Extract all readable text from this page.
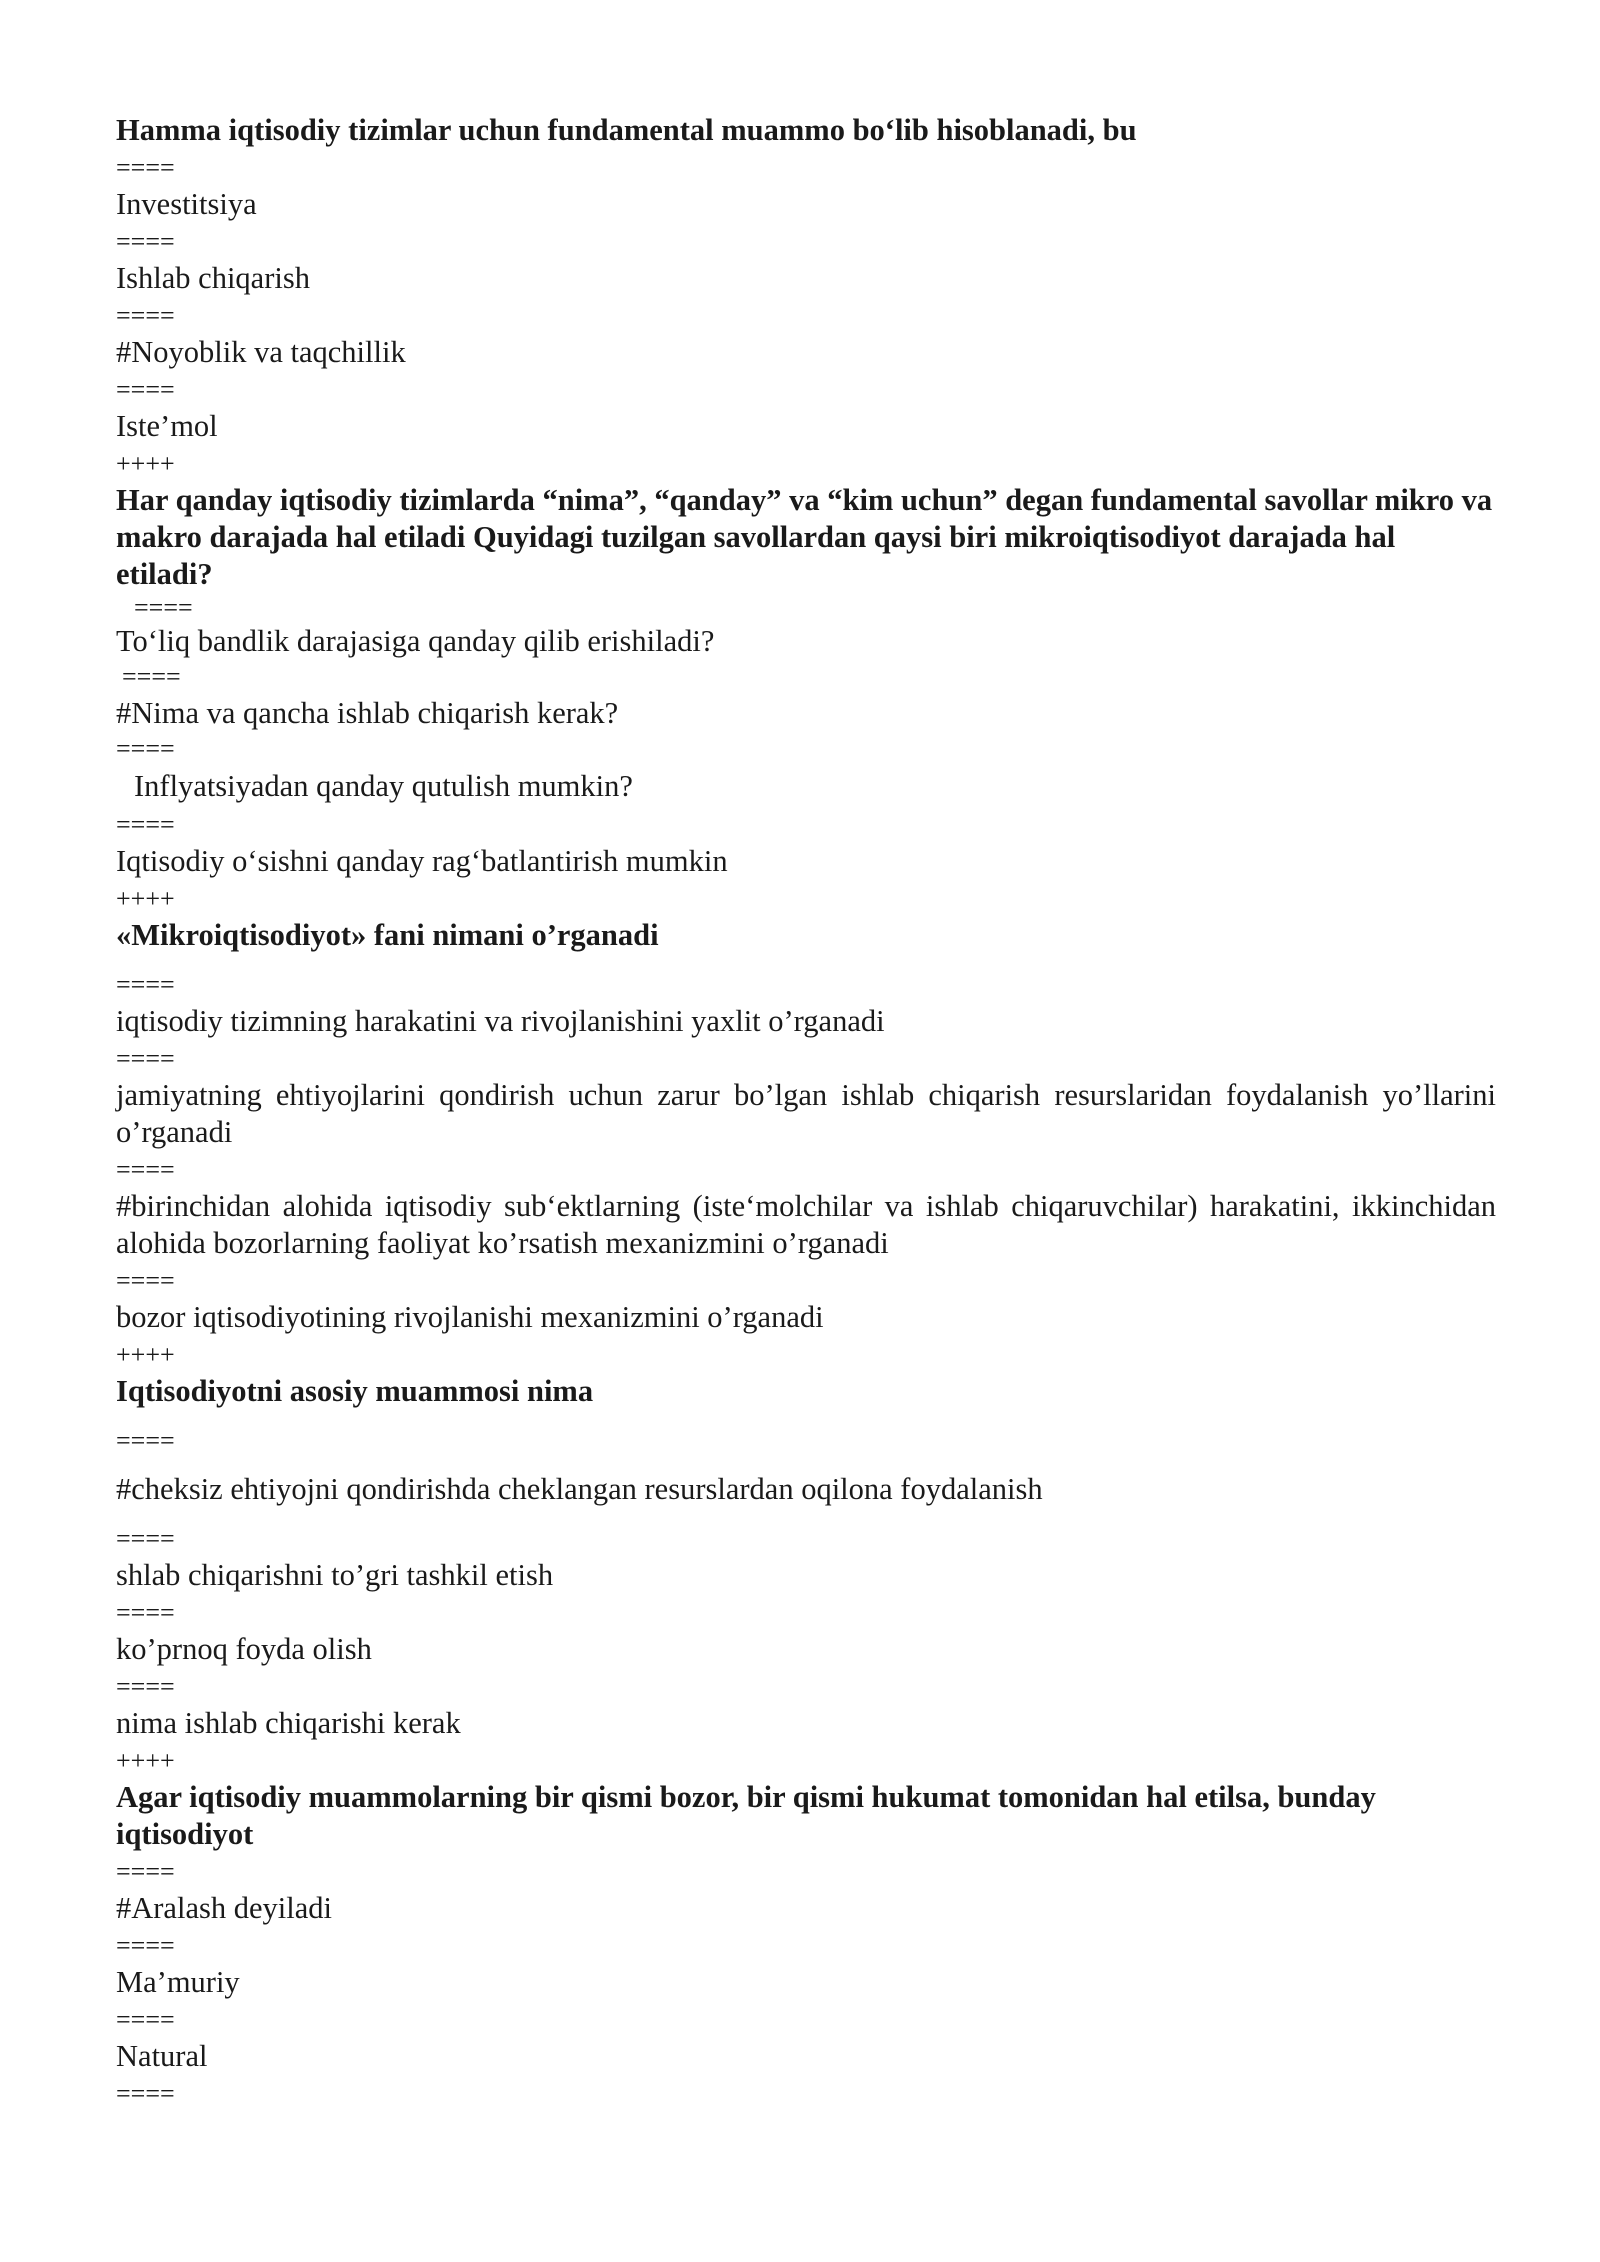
Hamma iqtisodiy tizimlar uchun fundamental muammo bo‘lib hisoblanadi, bu

====

Investitsiya

====

Ishlab chiqarish

====

#Noyoblik va taqchillik

====

Iste’mol

++++

Har qanday iqtisodiy tizimlarda “nima”, “qanday” va “kim uchun” degan fundamental savollar mikro va makro darajada hal etiladi Quyidagi tuzilgan savollardan qaysi biri mikroiqtisodiyot darajada hal etiladi?

====

To‘liq bandlik darajasiga qanday qilib erishiladi?

====

#Nima va qancha ishlab chiqarish kerak?

====

Inflyatsiyadan qanday qutulish mumkin?

====

Iqtisodiy o‘sishni qanday rag‘batlantirish mumkin

++++

«Mikroiqtisodiyot» fani nimani o’rganadi

====

iqtisodiy tizimning harakatini va rivojlanishini yaxlit o’rganadi

====

jamiyatning ehtiyojlarini qondirish uchun zarur bo’lgan ishlab chiqarish resurslaridan foydalanish yo’llarini o’rganadi

====

#birinchidan alohida iqtisodiy sub‘ektlarning (iste‘molchilar va ishlab chiqaruvchilar) harakatini, ikkinchidan alohida bozorlarning faoliyat ko’rsatish mexanizmini o’rganadi

====

bozor iqtisodiyotining rivojlanishi mexanizmini o’rganadi

++++

Iqtisodiyotni asosiy muammosi nima

====

#cheksiz ehtiyojni qondirishda cheklangan resurslardan oqilona foydalanish

====

shlab chiqarishni to’gri tashkil etish

====

ko’prnoq foyda olish

====

nima ishlab chiqarishi kerak

++++

Agar iqtisodiy muammolarning bir qismi bozor, bir qismi hukumat tomonidan hal etilsa, bunday iqtisodiyot

====

#Aralash deyiladi

====

Ma’muriy

====

Natural

====
